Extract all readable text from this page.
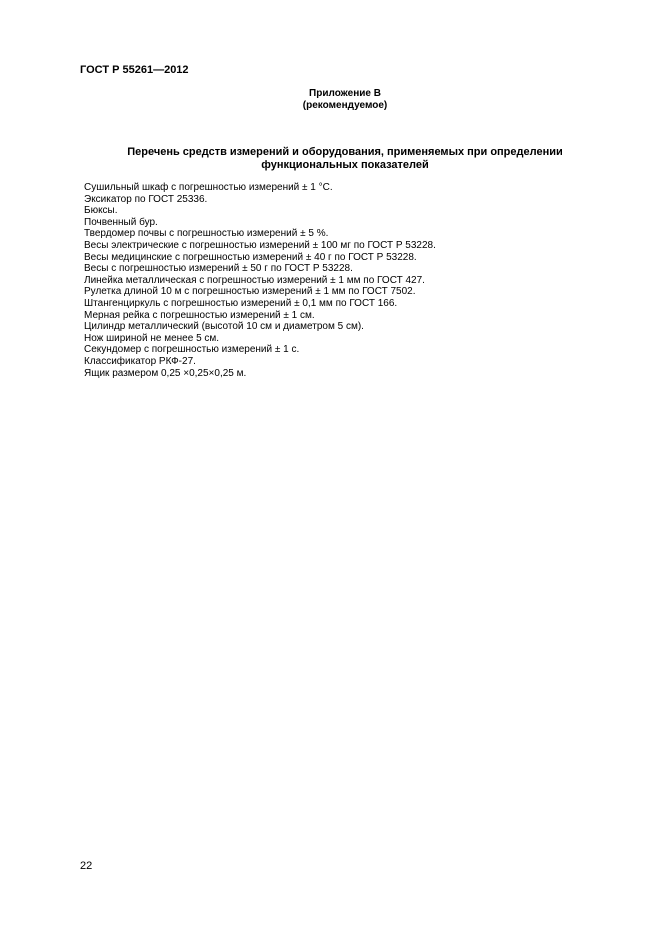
ГОСТ Р 55261—2012
Приложение В
(рекомендуемое)
Перечень средств измерений и оборудования, применяемых при определении
функциональных показателей
Сушильный шкаф с погрешностью измерений ± 1 °С.
Эксикатор по ГОСТ 25336.
Бюксы.
Почвенный бур.
Твердомер почвы с погрешностью измерений ± 5 %.
Весы электрические с погрешностью измерений ± 100 мг по ГОСТ Р 53228.
Весы медицинские с погрешностью измерений ± 40 г по ГОСТ Р 53228.
Весы с погрешностью измерений ± 50 г по ГОСТ Р 53228.
Линейка металлическая с погрешностью измерений ± 1 мм по ГОСТ 427.
Рулетка длиной 10 м с погрешностью измерений ± 1 мм по ГОСТ 7502.
Штангенциркуль с погрешностью измерений ± 0,1 мм по ГОСТ 166.
Мерная рейка с погрешностью измерений ± 1 см.
Цилиндр металлический (высотой 10 см и диаметром 5 см).
Нож шириной не менее 5 см.
Секундомер с погрешностью измерений ± 1 с.
Классификатор РКФ-27.
Ящик размером 0,25 ×0,25×0,25 м.
22
